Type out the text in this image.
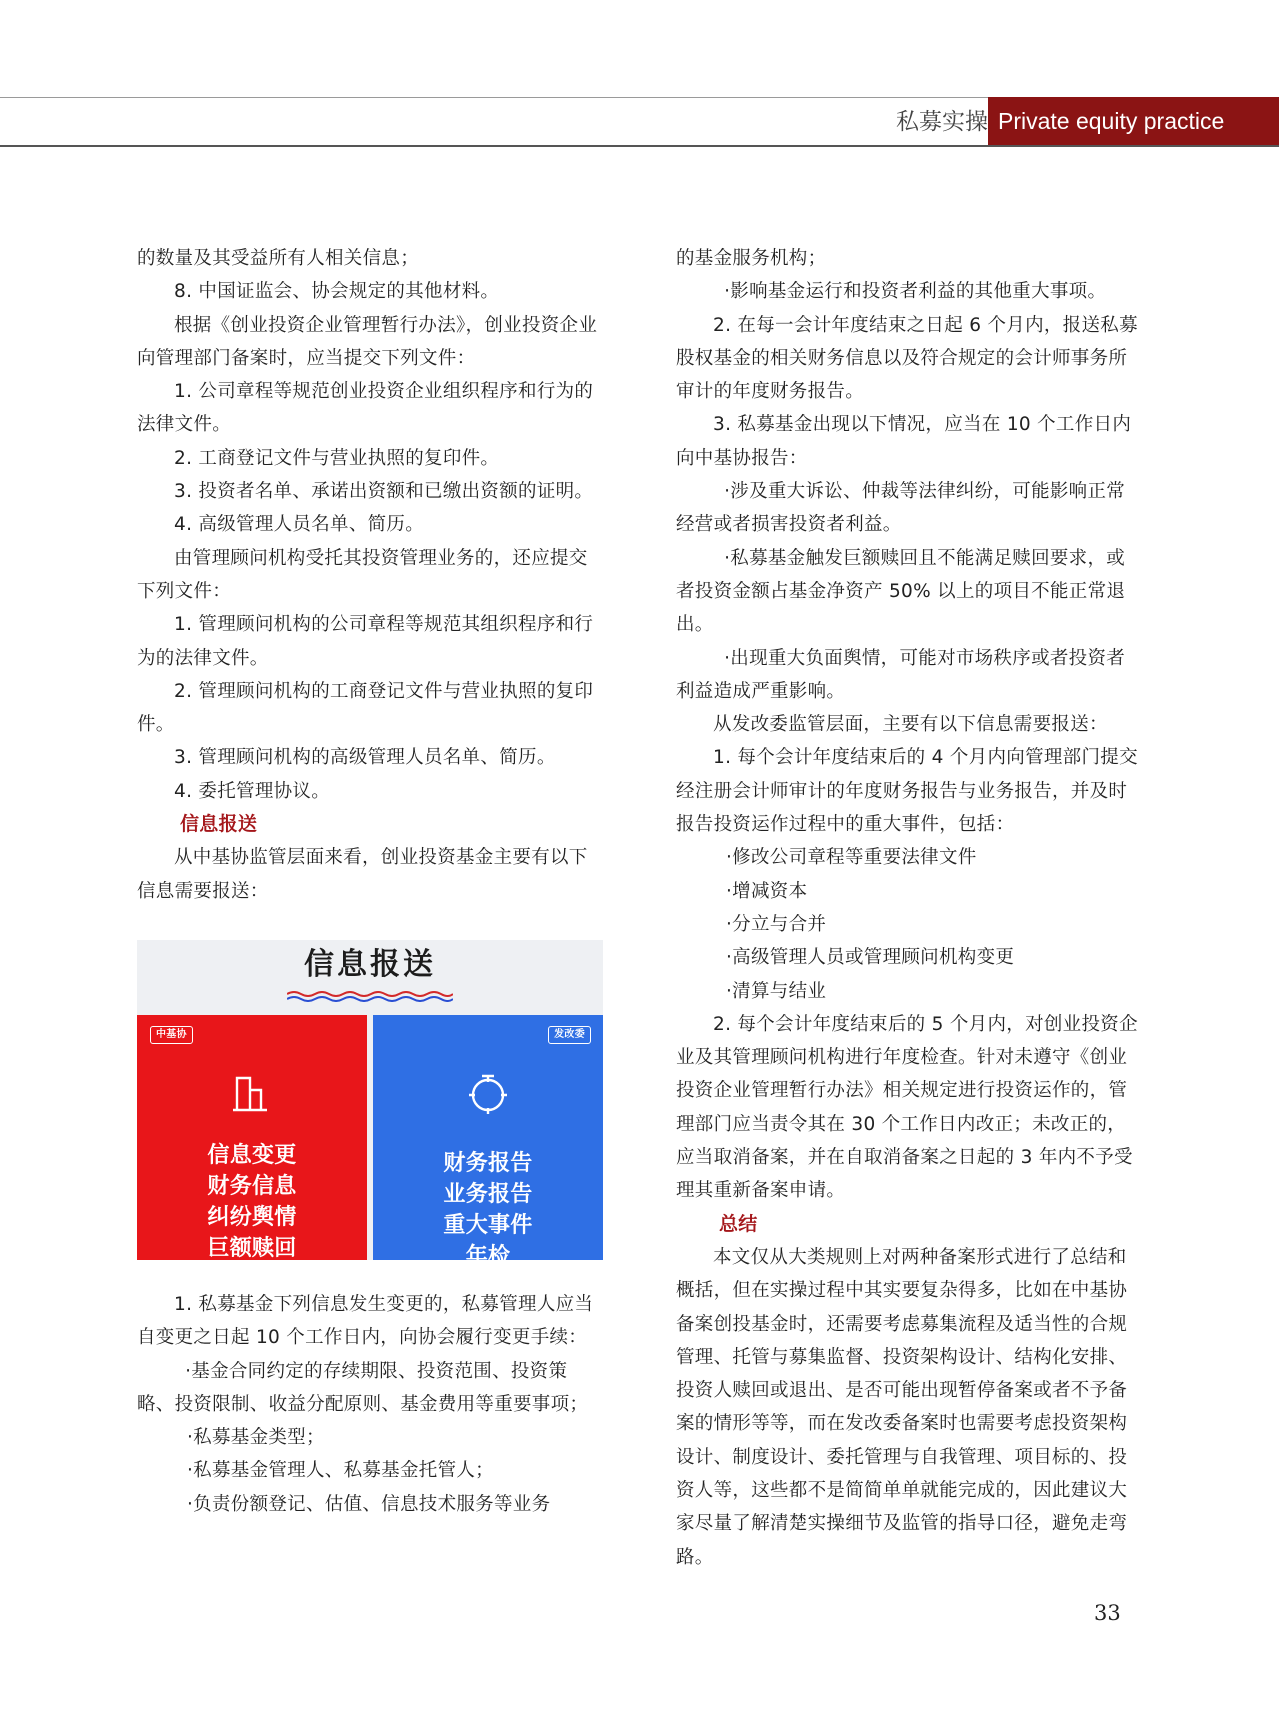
私募实操 Private equity practice

的数量及其受益所有人相关信息；

8. 中国证监会、协会规定的其他材料。

根据《创业投资企业管理暂行办法》，创业投资企业向管理部门备案时，应当提交下列文件：

1. 公司章程等规范创业投资企业组织程序和行为的法律文件。

2. 工商登记文件与营业执照的复印件。

3. 投资者名单、承诺出资额和已缴出资额的证明。

4. 高级管理人员名单、简历。

由管理顾问机构受托其投资管理业务的，还应提交下列文件：

1. 管理顾问机构的公司章程等规范其组织程序和行为的法律文件。

2. 管理顾问机构的工商登记文件与营业执照的复印件。

3. 管理顾问机构的高级管理人员名单、简历。

4. 委托管理协议。

信息报送

从中基协监管层面来看，创业投资基金主要有以下信息需要报送：

信息报送
中基协
信息变更
财务信息
纠纷舆情
巨额赎回
发改委
财务报告
业务报告
重大事件
年检

1. 私募基金下列信息发生变更的，私募管理人应当自变更之日起 10 个工作日内，向协会履行变更手续：

·基金合同约定的存续期限、投资范围、投资策略、投资限制、收益分配原则、基金费用等重要事项；

·私募基金类型；

·私募基金管理人、私募基金托管人；

·负责份额登记、估值、信息技术服务等业务

的基金服务机构；

·影响基金运行和投资者利益的其他重大事项。

2. 在每一会计年度结束之日起 6 个月内，报送私募股权基金的相关财务信息以及符合规定的会计师事务所审计的年度财务报告。

3. 私募基金出现以下情况，应当在 10 个工作日内向中基协报告：

·涉及重大诉讼、仲裁等法律纠纷，可能影响正常经营或者损害投资者利益。

·私募基金触发巨额赎回且不能满足赎回要求，或者投资金额占基金净资产 50% 以上的项目不能正常退出。

·出现重大负面舆情，可能对市场秩序或者投资者利益造成严重影响。

从发改委监管层面，主要有以下信息需要报送：

1. 每个会计年度结束后的 4 个月内向管理部门提交经注册会计师审计的年度财务报告与业务报告，并及时报告投资运作过程中的重大事件，包括：

·修改公司章程等重要法律文件

·增减资本

·分立与合并

·高级管理人员或管理顾问机构变更

·清算与结业

2. 每个会计年度结束后的 5 个月内，对创业投资企业及其管理顾问机构进行年度检查。针对未遵守《创业投资企业管理暂行办法》相关规定进行投资运作的，管理部门应当责令其在 30 个工作日内改正；未改正的，应当取消备案，并在自取消备案之日起的 3 年内不予受理其重新备案申请。

总结

本文仅从大类规则上对两种备案形式进行了总结和概括，但在实操过程中其实要复杂得多，比如在中基协备案创投基金时，还需要考虑募集流程及适当性的合规管理、托管与募集监督、投资架构设计、结构化安排、投资人赎回或退出、是否可能出现暂停备案或者不予备案的情形等等，而在发改委备案时也需要考虑投资架构设计、制度设计、委托管理与自我管理、项目标的、投资人等，这些都不是简简单单就能完成的，因此建议大家尽量了解清楚实操细节及监管的指导口径，避免走弯路。

33
